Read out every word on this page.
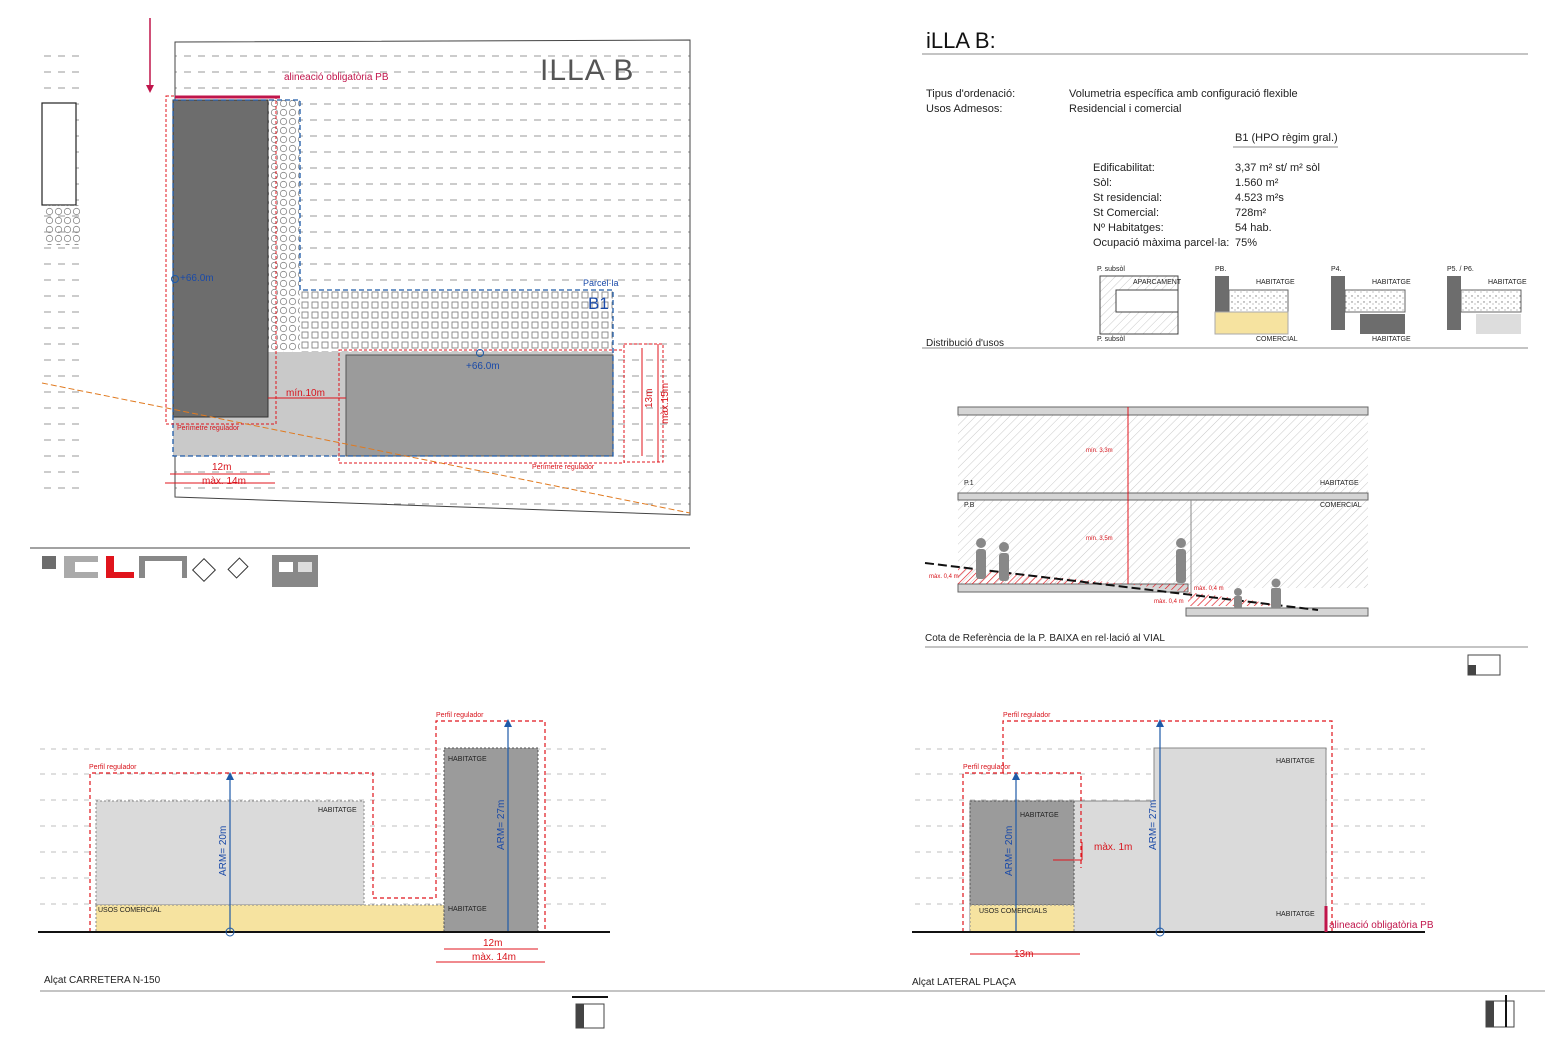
ILLA B
alineació obligatòria PB
Parcel·la
B1
+66.0m
+66.0m
mín.10m
Perímetre regulador
Perímetre regulador
12m
màx. 14m
13m màx.15m
iLLA B:
Tipus d'ordenació:	Volumetria específica amb configuració flexible
Usos Admesos:	Residencial i comercial
B1 (HPO règim gral.)
Edificabilitat:	3,37 m² st/ m² sòl
Sòl:	1.560 m²
St residencial:	4.523 m²s
St Comercial:	728m²
Nº Habitatges:	54 hab.
Ocupació màxima parcel·la: 75%
P. subsòl
P. subsòl
APARCAMENT
PB.
HABITATGE
COMERCIAL
P4.
HABITATGE
HABITATGE
P5. / P6.
HABITATGE
Distribució d'usos
P.1
P.B
HABITATGE
COMERCIAL
mín. 3,3m
mín. 3,5m
màx. 0,4 m
màx. 0,4 m
màx. 0,4 m
Cota de Referència de la P. BAIXA en rel·lació al VIAL
Perfil regulador
Perfil regulador
HABITATGE
HABITATGE
HABITATGE
USOS COMERCIAL
ARM= 20m
ARM= 27m
12m
màx. 14m
Alçat CARRETERA N-150
Perfil regulador
Perfil regulador
HABITATGE
HABITATGE
HABITATGE
USOS COMERCIALS
ARM= 20m
ARM= 27m
màx. 1m
alineació obligatòria PB
13m
Alçat LATERAL PLAÇA
